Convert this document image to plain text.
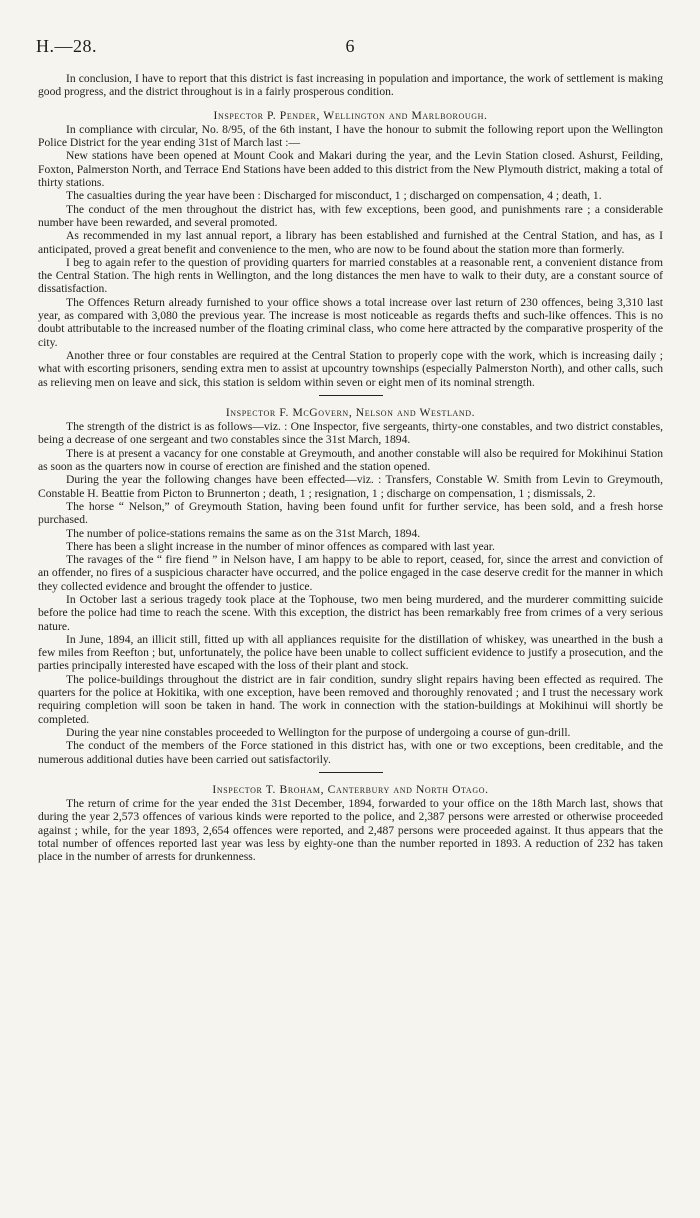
H.—28.	6

In conclusion, I have to report that this district is fast increasing in population and importance, the work of settlement is making good progress, and the district throughout is in a fairly prosperous condition.

Inspector P. Pender, Wellington and Marlborough.

In compliance with circular, No. 8/95, of the 6th instant, I have the honour to submit the following report upon the Wellington Police District for the year ending 31st of March last :—

New stations have been opened at Mount Cook and Makari during the year, and the Levin Station closed. Ashurst, Feilding, Foxton, Palmerston North, and Terrace End Stations have been added to this district from the New Plymouth district, making a total of thirty stations.

The casualties during the year have been : Discharged for misconduct, 1 ; discharged on compensation, 4 ; death, 1.

The conduct of the men throughout the district has, with few exceptions, been good, and punishments rare ; a considerable number have been rewarded, and several promoted.

As recommended in my last annual report, a library has been established and furnished at the Central Station, and has, as I anticipated, proved a great benefit and convenience to the men, who are now to be found about the station more than formerly.

I beg to again refer to the question of providing quarters for married constables at a reasonable rent, a convenient distance from the Central Station. The high rents in Wellington, and the long distances the men have to walk to their duty, are a constant source of dissatisfaction.

The Offences Return already furnished to your office shows a total increase over last return of 230 offences, being 3,310 last year, as compared with 3,080 the previous year. The increase is most noticeable as regards thefts and such-like offences. This is no doubt attributable to the increased number of the floating criminal class, who come here attracted by the comparative prosperity of the city.

Another three or four constables are required at the Central Station to properly cope with the work, which is increasing daily ; what with escorting prisoners, sending extra men to assist at upcountry townships (especially Palmerston North), and other calls, such as relieving men on leave and sick, this station is seldom within seven or eight men of its nominal strength.

Inspector F. McGovern, Nelson and Westland.

The strength of the district is as follows—viz. : One Inspector, five sergeants, thirty-one constables, and two district constables, being a decrease of one sergeant and two constables since the 31st March, 1894.

There is at present a vacancy for one constable at Greymouth, and another constable will also be required for Mokihinui Station as soon as the quarters now in course of erection are finished and the station opened.

During the year the following changes have been effected—viz. : Transfers, Constable W. Smith from Levin to Greymouth, Constable H. Beattie from Picton to Brunnerton ; death, 1 ; resignation, 1 ; discharge on compensation, 1 ; dismissals, 2.

The horse “ Nelson,” of Greymouth Station, having been found unfit for further service, has been sold, and a fresh horse purchased.

The number of police-stations remains the same as on the 31st March, 1894.

There has been a slight increase in the number of minor offences as compared with last year.

The ravages of the “ fire fiend ” in Nelson have, I am happy to be able to report, ceased, for, since the arrest and conviction of an offender, no fires of a suspicious character have occurred, and the police engaged in the case deserve credit for the manner in which they collected evidence and brought the offender to justice.

In October last a serious tragedy took place at the Tophouse, two men being murdered, and the murderer committing suicide before the police had time to reach the scene. With this exception, the district has been remarkably free from crimes of a very serious nature.

In June, 1894, an illicit still, fitted up with all appliances requisite for the distillation of whiskey, was unearthed in the bush a few miles from Reefton ; but, unfortunately, the police have been unable to collect sufficient evidence to justify a prosecution, and the parties principally interested have escaped with the loss of their plant and stock.

The police-buildings throughout the district are in fair condition, sundry slight repairs having been effected as required. The quarters for the police at Hokitika, with one exception, have been removed and thoroughly renovated ; and I trust the necessary work requiring completion will soon be taken in hand. The work in connection with the station-buildings at Mokihinui will shortly be completed.

During the year nine constables proceeded to Wellington for the purpose of undergoing a course of gun-drill.

The conduct of the members of the Force stationed in this district has, with one or two exceptions, been creditable, and the numerous additional duties have been carried out satisfactorily.

Inspector T. Broham, Canterbury and North Otago.

The return of crime for the year ended the 31st December, 1894, forwarded to your office on the 18th March last, shows that during the year 2,573 offences of various kinds were reported to the police, and 2,387 persons were arrested or otherwise proceeded against ; while, for the year 1893, 2,654 offences were reported, and 2,487 persons were proceeded against. It thus appears that the total number of offences reported last year was less by eighty-one than the number reported in 1893. A reduction of 232 has taken place in the number of arrests for drunkenness.
